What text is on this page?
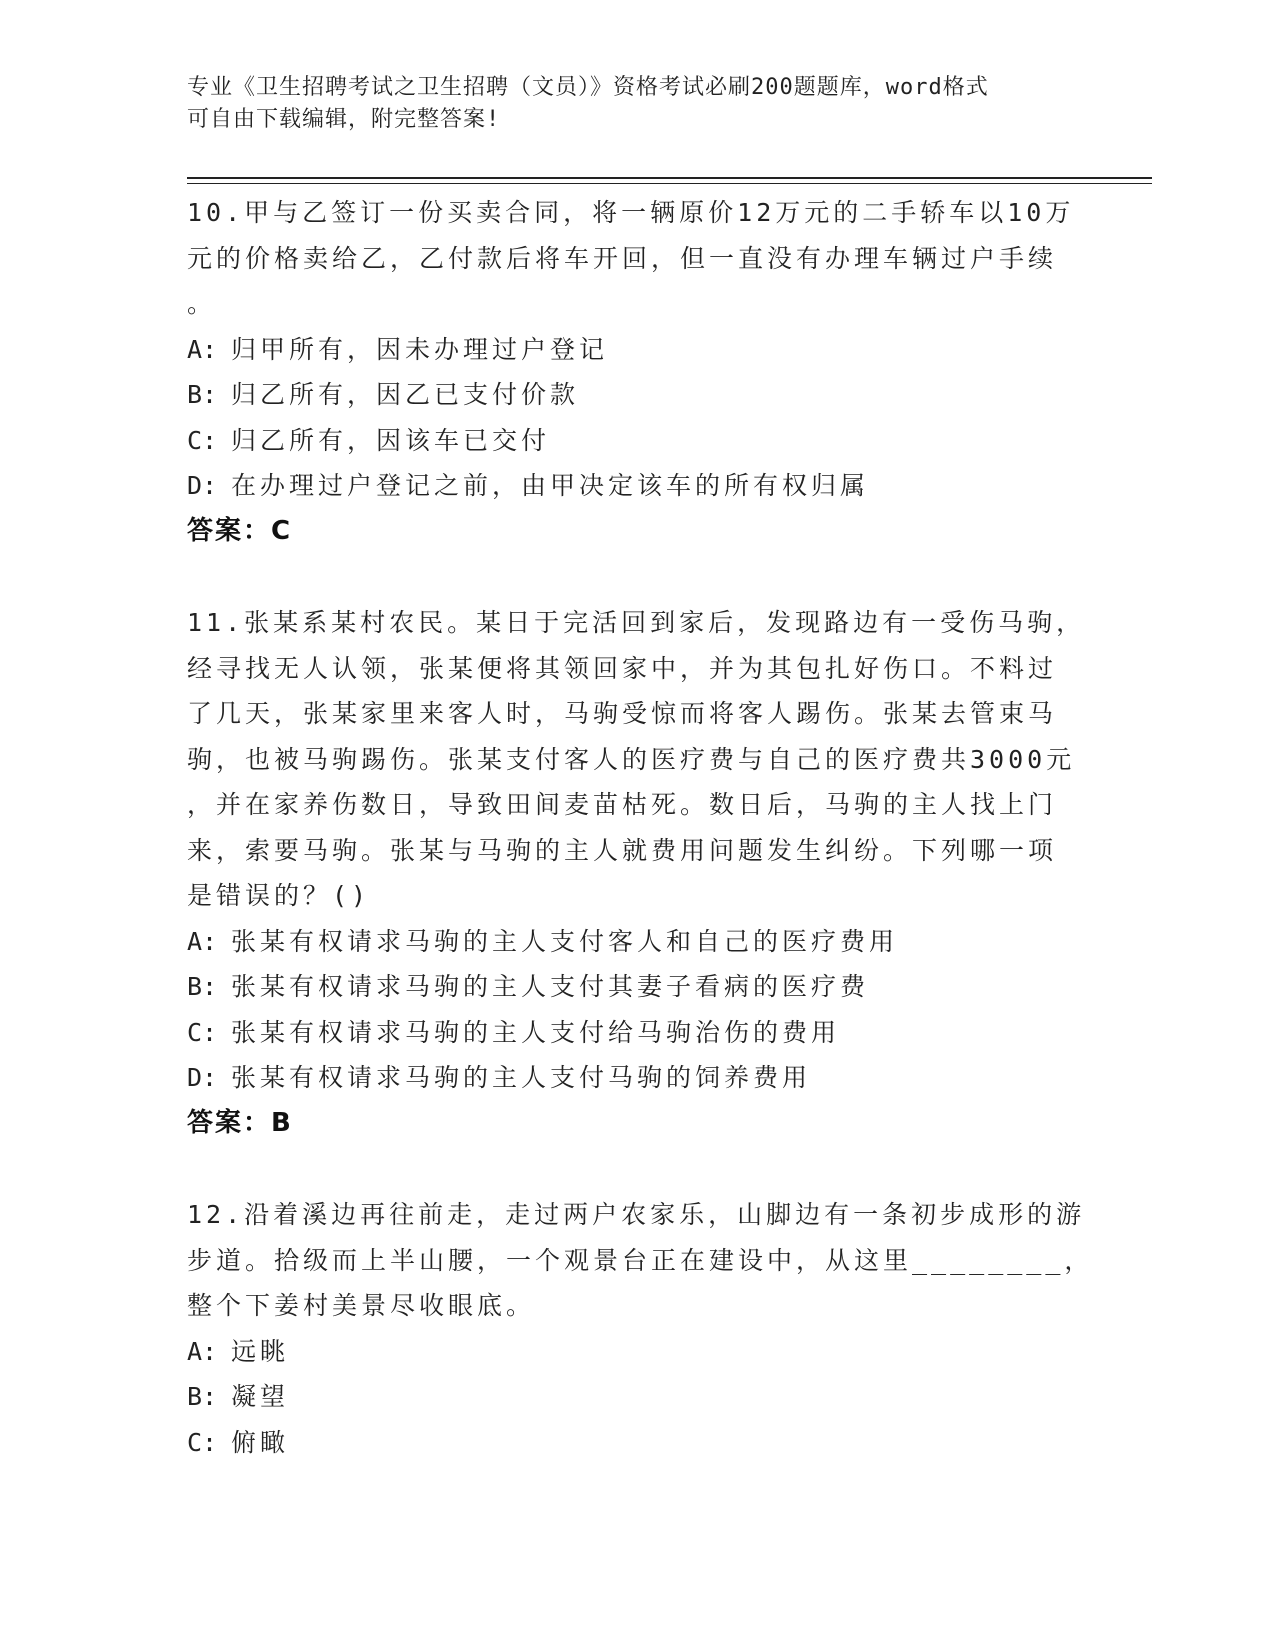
专业《卫生招聘考试之卫生招聘（文员）》资格考试必刷200题题库，word格式
可自由下载编辑，附完整答案!
10.甲与乙签订一份买卖合同，将一辆原价12万元的二手轿车以10万
元的价格卖给乙，乙付款后将车开回，但一直没有办理车辆过户手续
。
A: 归甲所有，因未办理过户登记
B: 归乙所有，因乙已支付价款
C: 归乙所有，因该车已交付
D: 在办理过户登记之前，由甲决定该车的所有权归属
答案：C
11.张某系某村农民。某日于完活回到家后，发现路边有一受伤马驹，
经寻找无人认领，张某便将其领回家中，并为其包扎好伤口。不料过
了几天，张某家里来客人时，马驹受惊而将客人踢伤。张某去管束马
驹，也被马驹踢伤。张某支付客人的医疗费与自己的医疗费共3000元
，并在家养伤数日，导致田间麦苗枯死。数日后，马驹的主人找上门
来，索要马驹。张某与马驹的主人就费用问题发生纠纷。下列哪一项
是错误的？()
A: 张某有权请求马驹的主人支付客人和自己的医疗费用
B: 张某有权请求马驹的主人支付其妻子看病的医疗费
C: 张某有权请求马驹的主人支付给马驹治伤的费用
D: 张某有权请求马驹的主人支付马驹的饲养费用
答案：B
12.沿着溪边再往前走，走过两户农家乐，山脚边有一条初步成形的游
步道。拾级而上半山腰，一个观景台正在建设中，从这里________，
整个下姜村美景尽收眼底。
A: 远眺
B: 凝望
C: 俯瞰
